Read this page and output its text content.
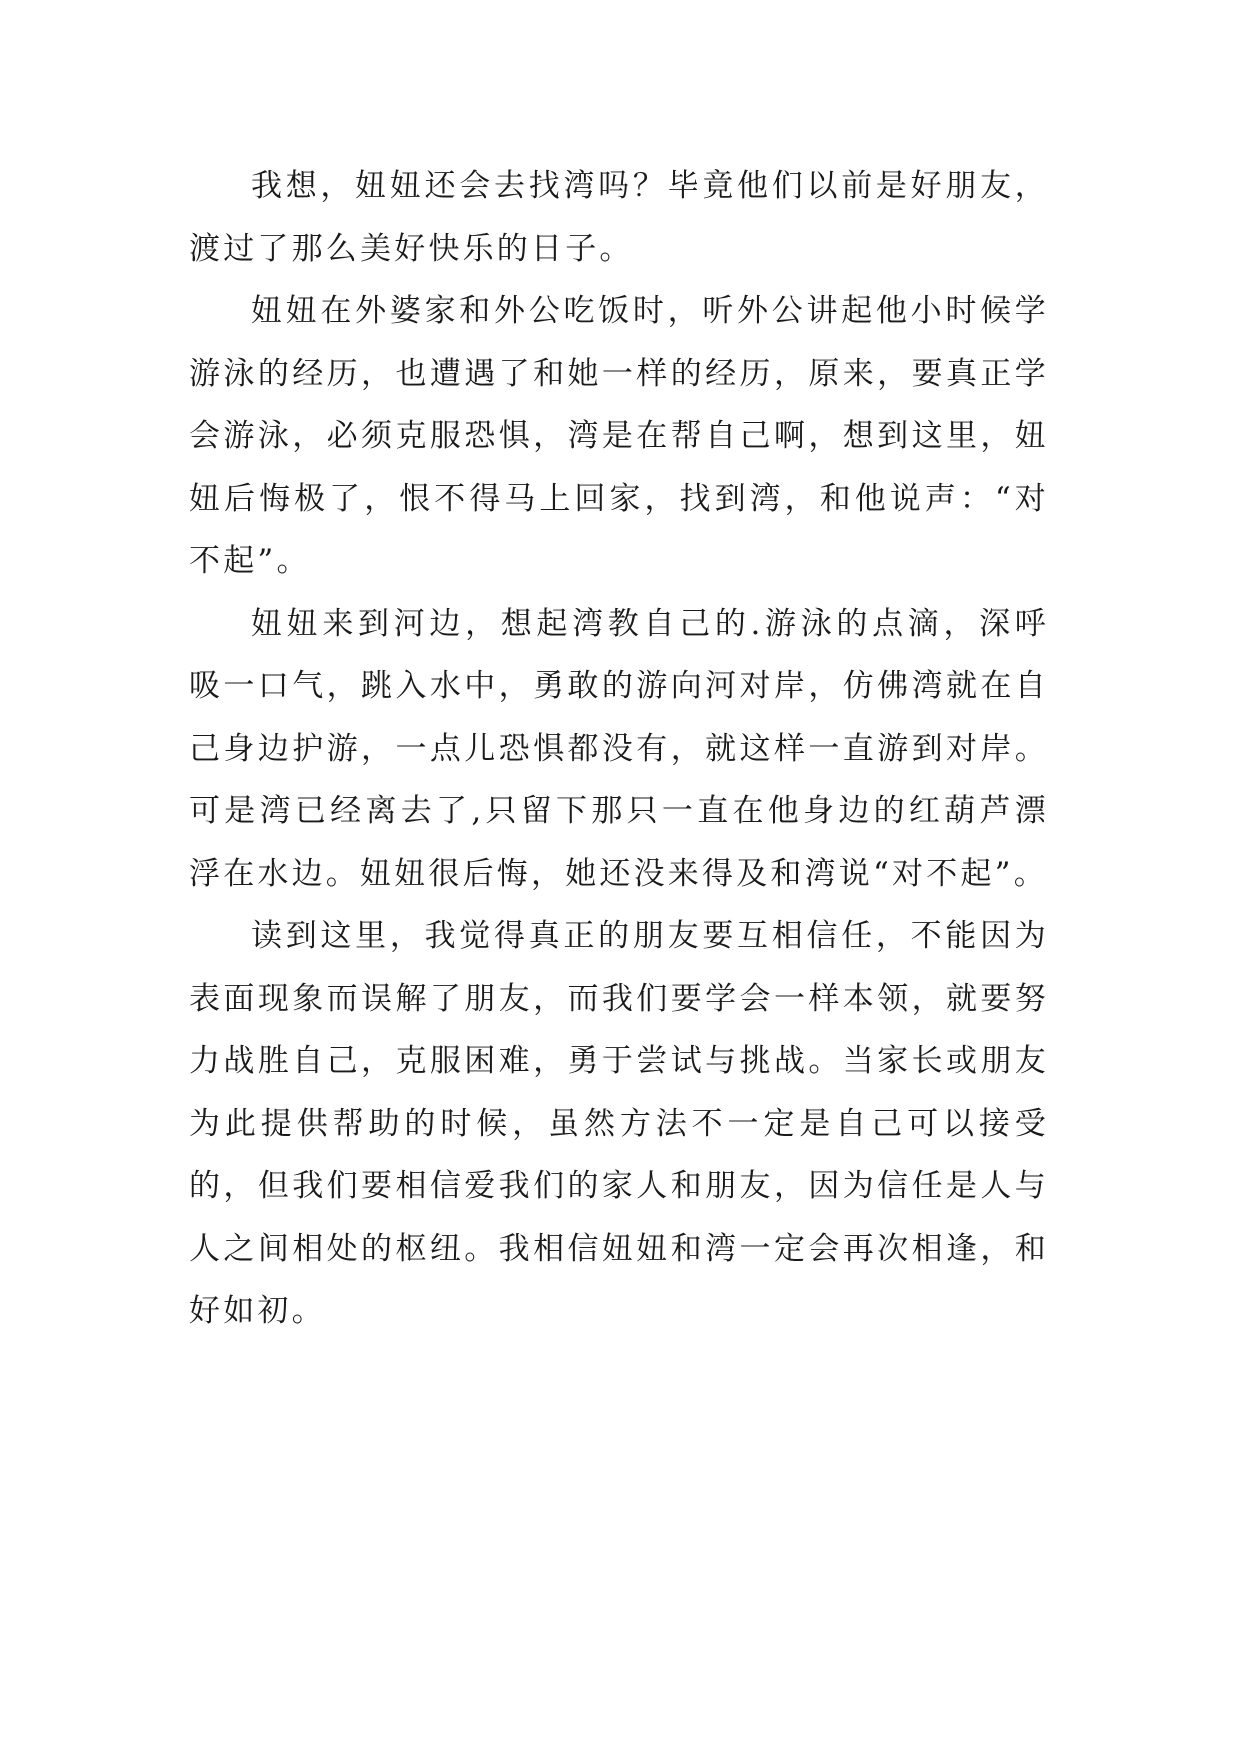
我想，妞妞还会去找湾吗？毕竟他们以前是好朋友，渡过了那么美好快乐的日子。

妞妞在外婆家和外公吃饭时，听外公讲起他小时候学游泳的经历，也遭遇了和她一样的经历，原来，要真正学会游泳，必须克服恐惧，湾是在帮自己啊，想到这里，妞妞后悔极了，恨不得马上回家，找到湾，和他说声：“对不起”。

妞妞来到河边，想起湾教自己的.游泳的点滴，深呼吸一口气，跳入水中，勇敢的游向河对岸，仿佛湾就在自己身边护游，一点儿恐惧都没有，就这样一直游到对岸。可是湾已经离去了,只留下那只一直在他身边的红葫芦漂浮在水边。妞妞很后悔，她还没来得及和湾说“对不起”。

读到这里，我觉得真正的朋友要互相信任，不能因为表面现象而误解了朋友，而我们要学会一样本领，就要努力战胜自己，克服困难，勇于尝试与挑战。当家长或朋友为此提供帮助的时候，虽然方法不一定是自己可以接受的，但我们要相信爱我们的家人和朋友，因为信任是人与人之间相处的枢纽。我相信妞妞和湾一定会再次相逢，和好如初。
